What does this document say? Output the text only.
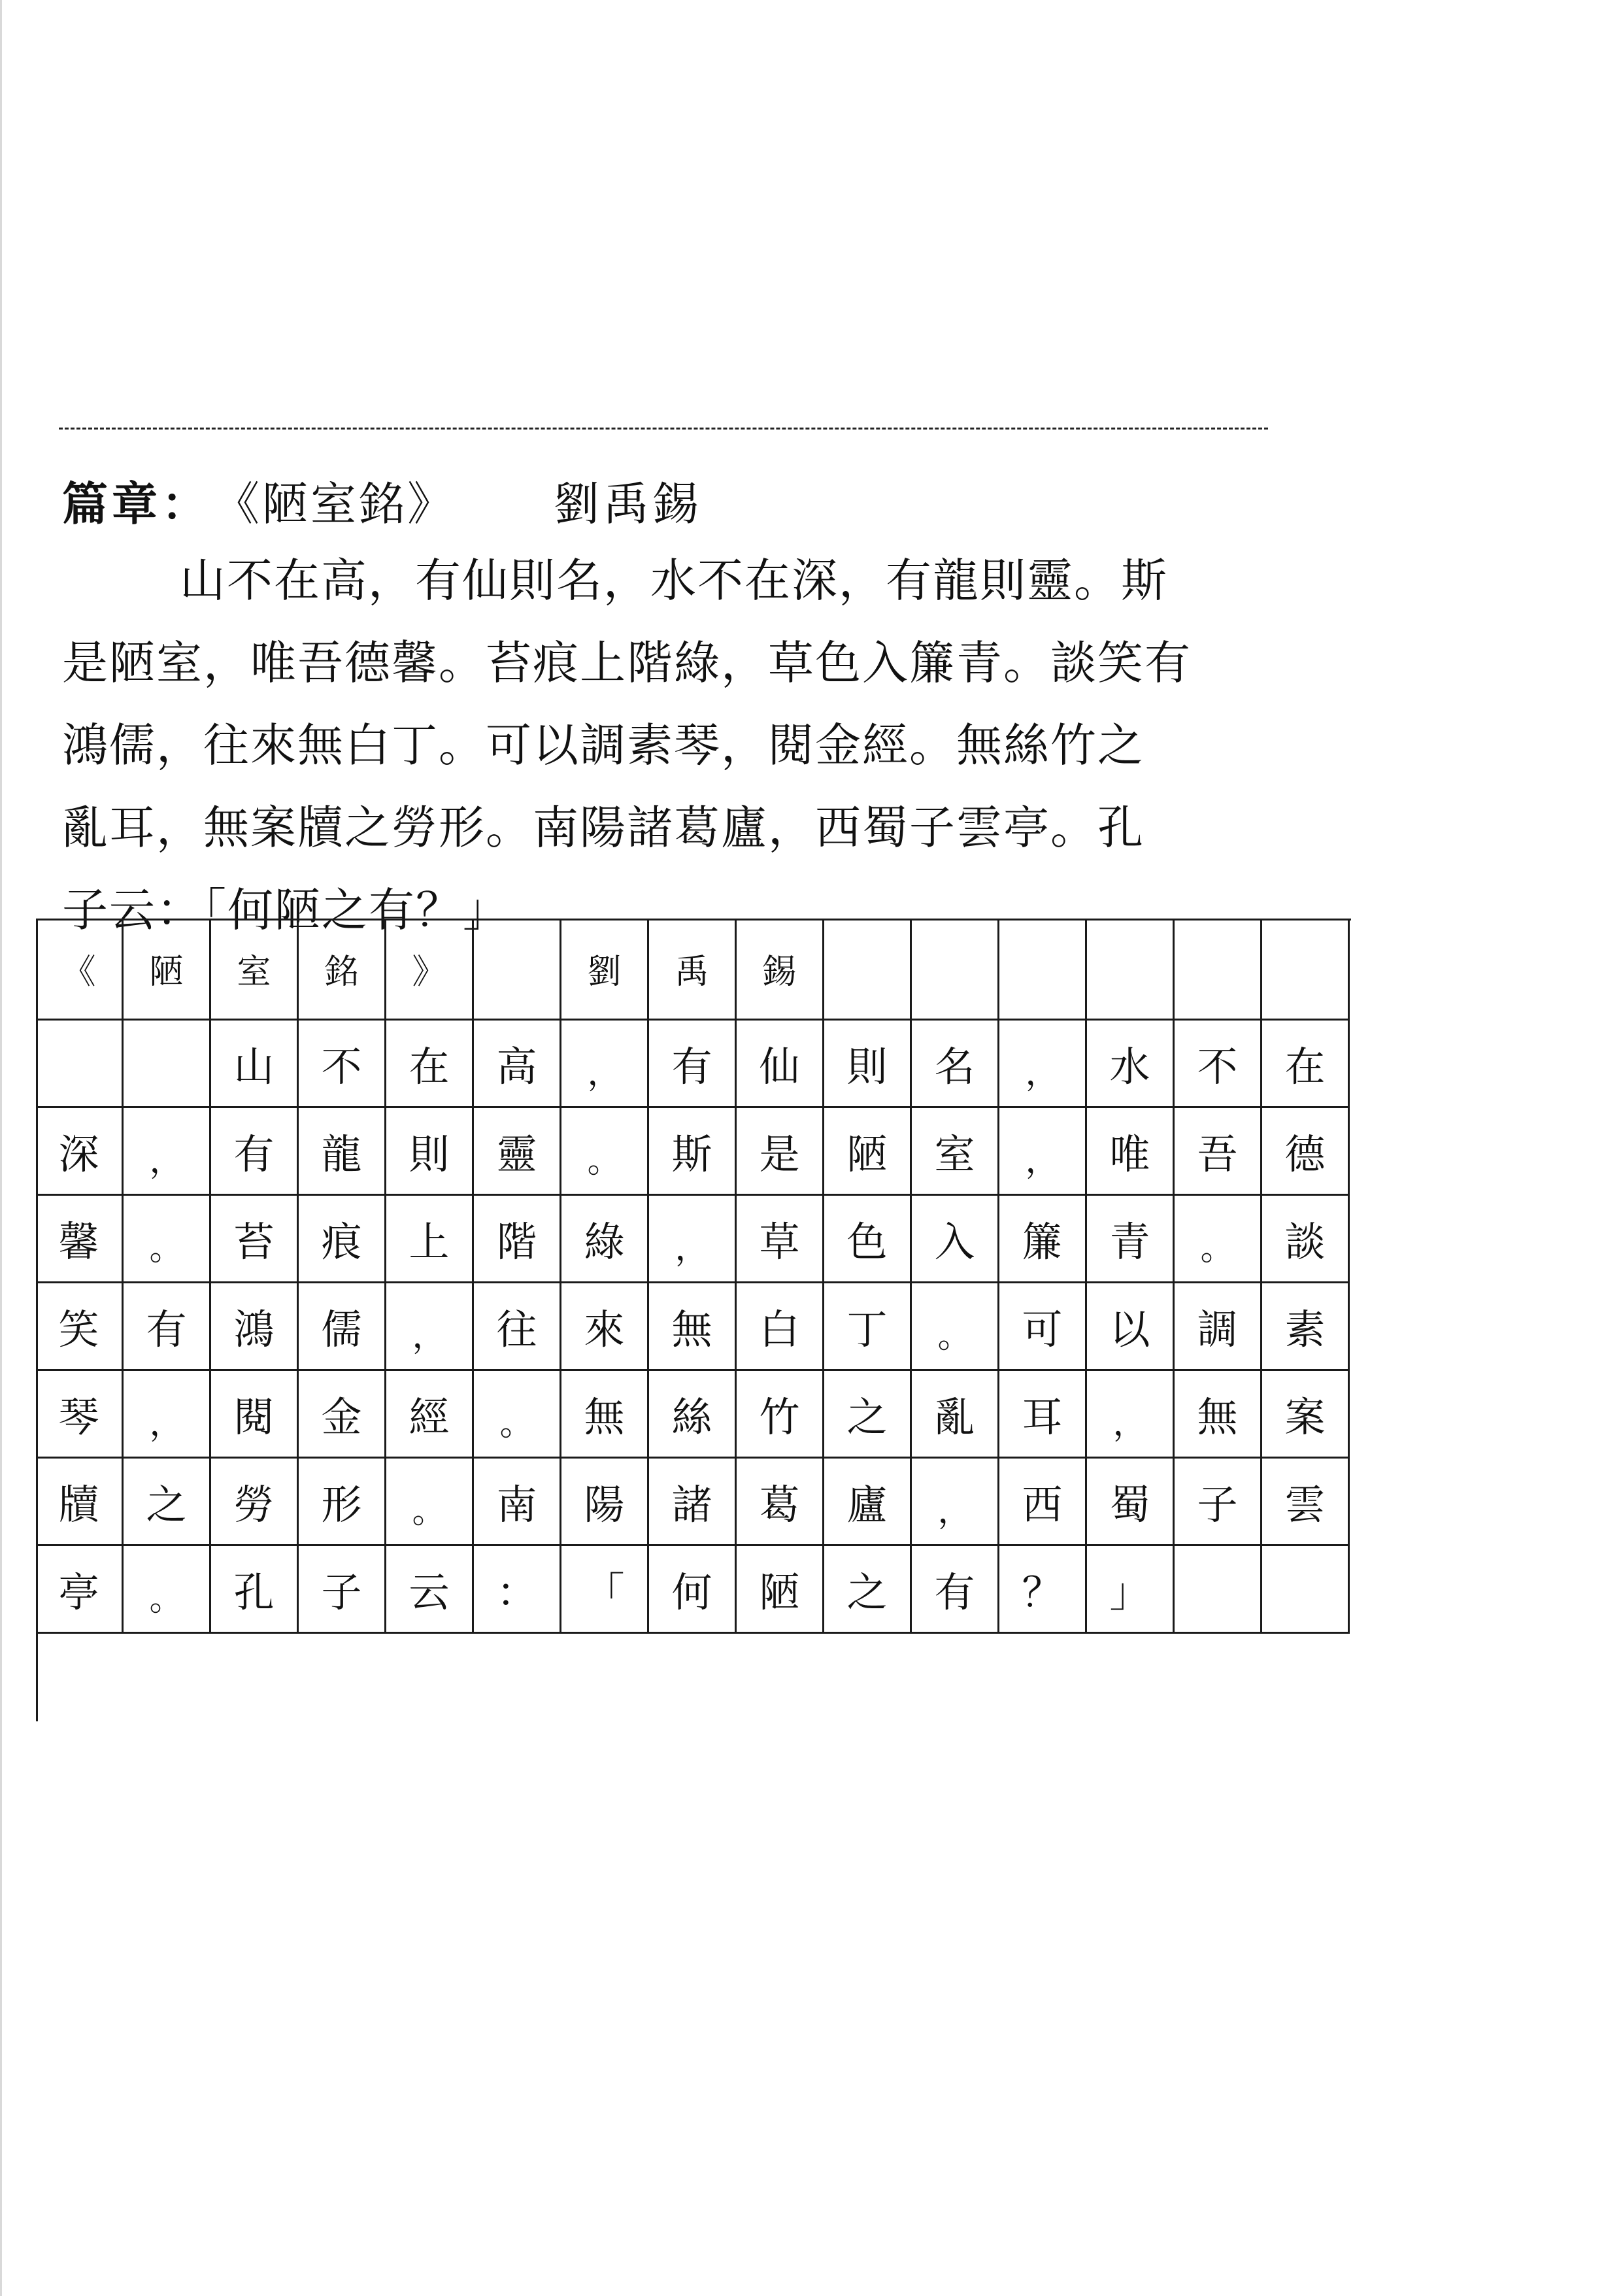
篇章： 《陋室銘》 劉禹錫
山不在高，有仙則名，水不在深，有龍則靈。斯
是陋室，唯吾德馨。苔痕上階綠，草色入簾青。談笑有
鴻儒，往來無白丁。可以調素琴，閱金經。無絲竹之
亂耳，無案牘之勞形。南陽諸葛廬，西蜀子雲亭。孔
子云：「何陋之有？」
《 陋 室 銘 》	劉 禹 錫
山 不 在 高 ， 有 仙 則 名 ， 水 不 在
深 ， 有 龍 則 靈 。 斯 是 陋 室 ， 唯 吾 德
馨 。 苔 痕 上 階 綠 ， 草 色 入 簾 青 。 談
笑 有 鴻 儒 ， 往 來 無 白 丁 。 可 以 調 素
琴 ， 閱 金 經 。 無 絲 竹 之 亂 耳 ， 無 案
牘 之 勞 形 。 南 陽 諸 葛 廬 ， 西 蜀 子 雲
亭 。 孔 子 云 ： 「 何 陋 之 有 ？ 」
